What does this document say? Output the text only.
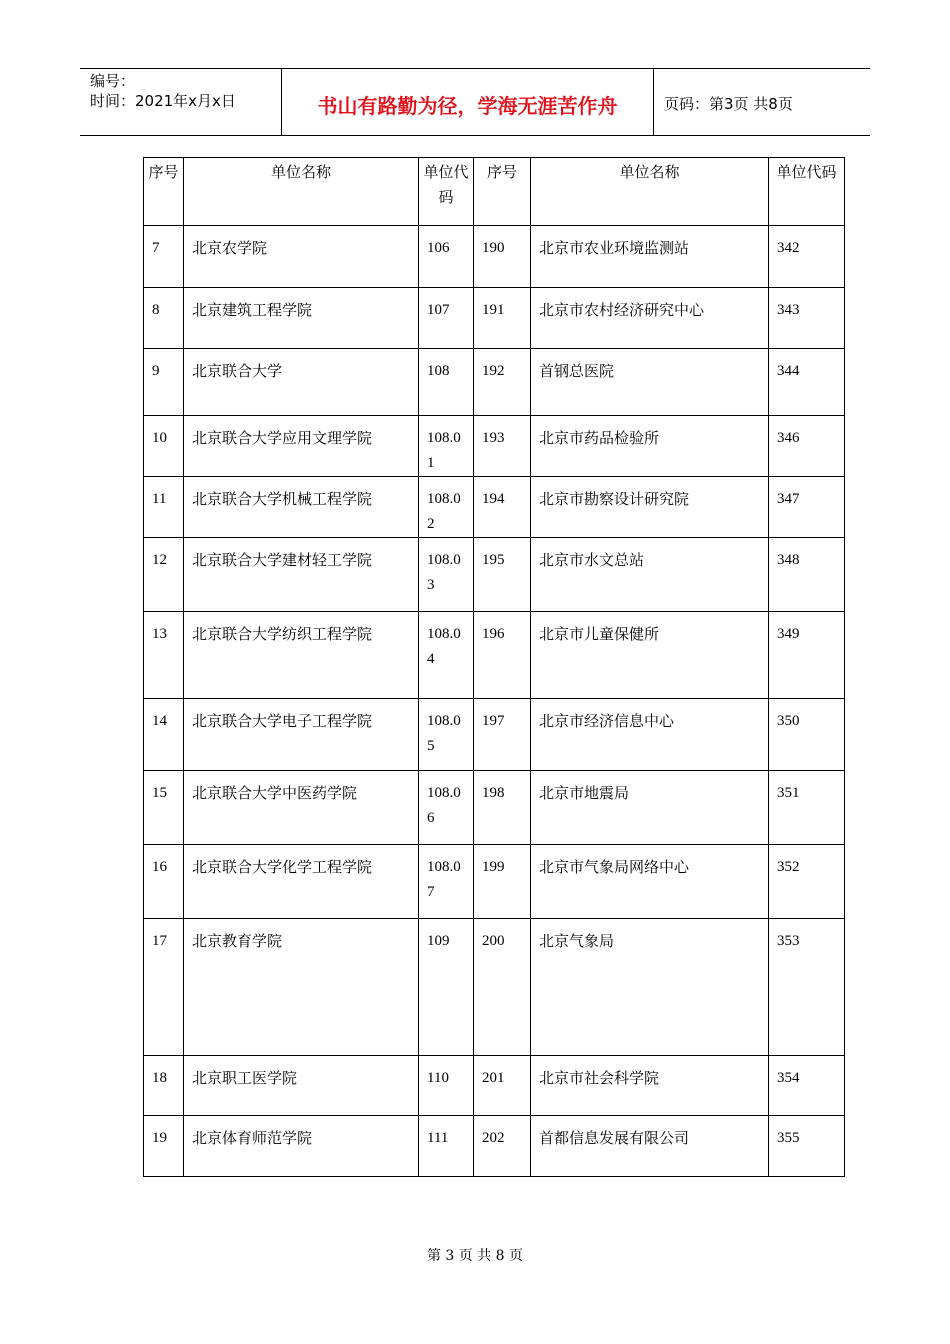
编号：
时间：2021年x月x日	书山有路勤为径，学海无涯苦作舟	页码：第3页 共8页
序号	单位名称	单位代码	序号	单位名称	单位代码
7	北京农学院	106	190	北京市农业环境监测站	342
8	北京建筑工程学院	107	191	北京市农村经济研究中心	343
9	北京联合大学	108	192	首钢总医院	344
10	北京联合大学应用文理学院	108.01	193	北京市药品检验所	346
11	北京联合大学机械工程学院	108.02	194	北京市勘察设计研究院	347
12	北京联合大学建材轻工学院	108.03	195	北京市水文总站	348
13	北京联合大学纺织工程学院	108.04	196	北京市儿童保健所	349
14	北京联合大学电子工程学院	108.05	197	北京市经济信息中心	350
15	北京联合大学中医药学院	108.06	198	北京市地震局	351
16	北京联合大学化学工程学院	108.07	199	北京市气象局网络中心	352
17	北京教育学院	109	200	北京气象局	353
18	北京职工医学院	110	201	北京市社会科学院	354
19	北京体育师范学院	111	202	首都信息发展有限公司	355
第 3 页 共 8 页
